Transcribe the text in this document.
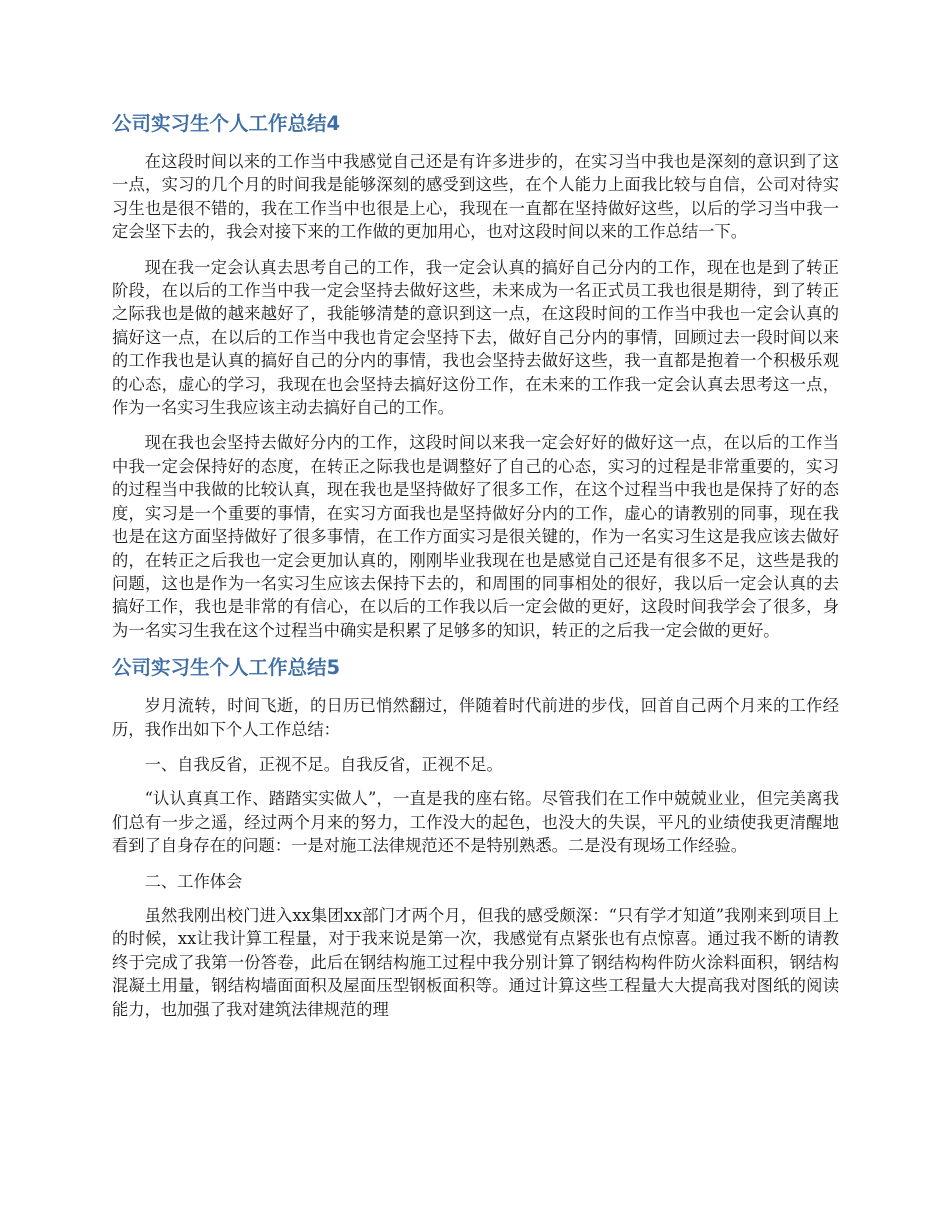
公司实习生个人工作总结4

在这段时间以来的工作当中我感觉自己还是有许多进步的，在实习当中我也是深刻的意识到了这一点，实习的几个月的时间我是能够深刻的感受到这些，在个人能力上面我比较与自信，公司对待实习生也是很不错的，我在工作当中也很是上心，我现在一直都在坚持做好这些，以后的学习当中我一定会坚下去的，我会对接下来的工作做的更加用心，也对这段时间以来的工作总结一下。

现在我一定会认真去思考自己的工作，我一定会认真的搞好自己分内的工作，现在也是到了转正阶段，在以后的工作当中我一定会坚持去做好这些，未来成为一名正式员工我也很是期待，到了转正之际我也是做的越来越好了，我能够清楚的意识到这一点，在这段时间的工作当中我也一定会认真的搞好这一点，在以后的工作当中我也肯定会坚持下去，做好自己分内的事情，回顾过去一段时间以来的工作我也是认真的搞好自己的分内的事情，我也会坚持去做好这些，我一直都是抱着一个积极乐观的心态，虚心的学习，我现在也会坚持去搞好这份工作，在未来的工作我一定会认真去思考这一点，作为一名实习生我应该主动去搞好自己的工作。

现在我也会坚持去做好分内的工作，这段时间以来我一定会好好的做好这一点，在以后的工作当中我一定会保持好的态度，在转正之际我也是调整好了自己的心态，实习的过程是非常重要的，实习的过程当中我做的比较认真，现在我也是坚持做好了很多工作，在这个过程当中我也是保持了好的态度，实习是一个重要的事情，在实习方面我也是坚持做好分内的工作，虚心的请教别的同事，现在我也是在这方面坚持做好了很多事情，在工作方面实习是很关键的，作为一名实习生这是我应该去做好的，在转正之后我也一定会更加认真的，刚刚毕业我现在也是感觉自己还是有很多不足，这些是我的问题，这也是作为一名实习生应该去保持下去的，和周围的同事相处的很好，我以后一定会认真的去搞好工作，我也是非常的有信心，在以后的工作我以后一定会做的更好，这段时间我学会了很多，身为一名实习生我在这个过程当中确实是积累了足够多的知识，转正的之后我一定会做的更好。

公司实习生个人工作总结5

岁月流转，时间飞逝，的日历已悄然翻过，伴随着时代前进的步伐，回首自己两个月来的工作经历，我作出如下个人工作总结：

一、自我反省，正视不足。自我反省，正视不足。

“认认真真工作、踏踏实实做人”，一直是我的座右铭。尽管我们在工作中兢兢业业，但完美离我们总有一步之遥，经过两个月来的努力，工作没大的起色，也没大的失误，平凡的业绩使我更清醒地看到了自身存在的问题：一是对施工法律规范还不是特别熟悉。二是没有现场工作经验。

二、工作体会

虽然我刚出校门进入xx集团xx部门才两个月，但我的感受颇深：“只有学才知道”我刚来到项目上的时候，xx让我计算工程量，对于我来说是第一次，我感觉有点紧张也有点惊喜。通过我不断的请教终于完成了我第一份答卷，此后在钢结构施工过程中我分别计算了钢结构构件防火涂料面积，钢结构混凝土用量，钢结构墙面面积及屋面压型钢板面积等。通过计算这些工程量大大提高我对图纸的阅读能力，也加强了我对建筑法律规范的理
